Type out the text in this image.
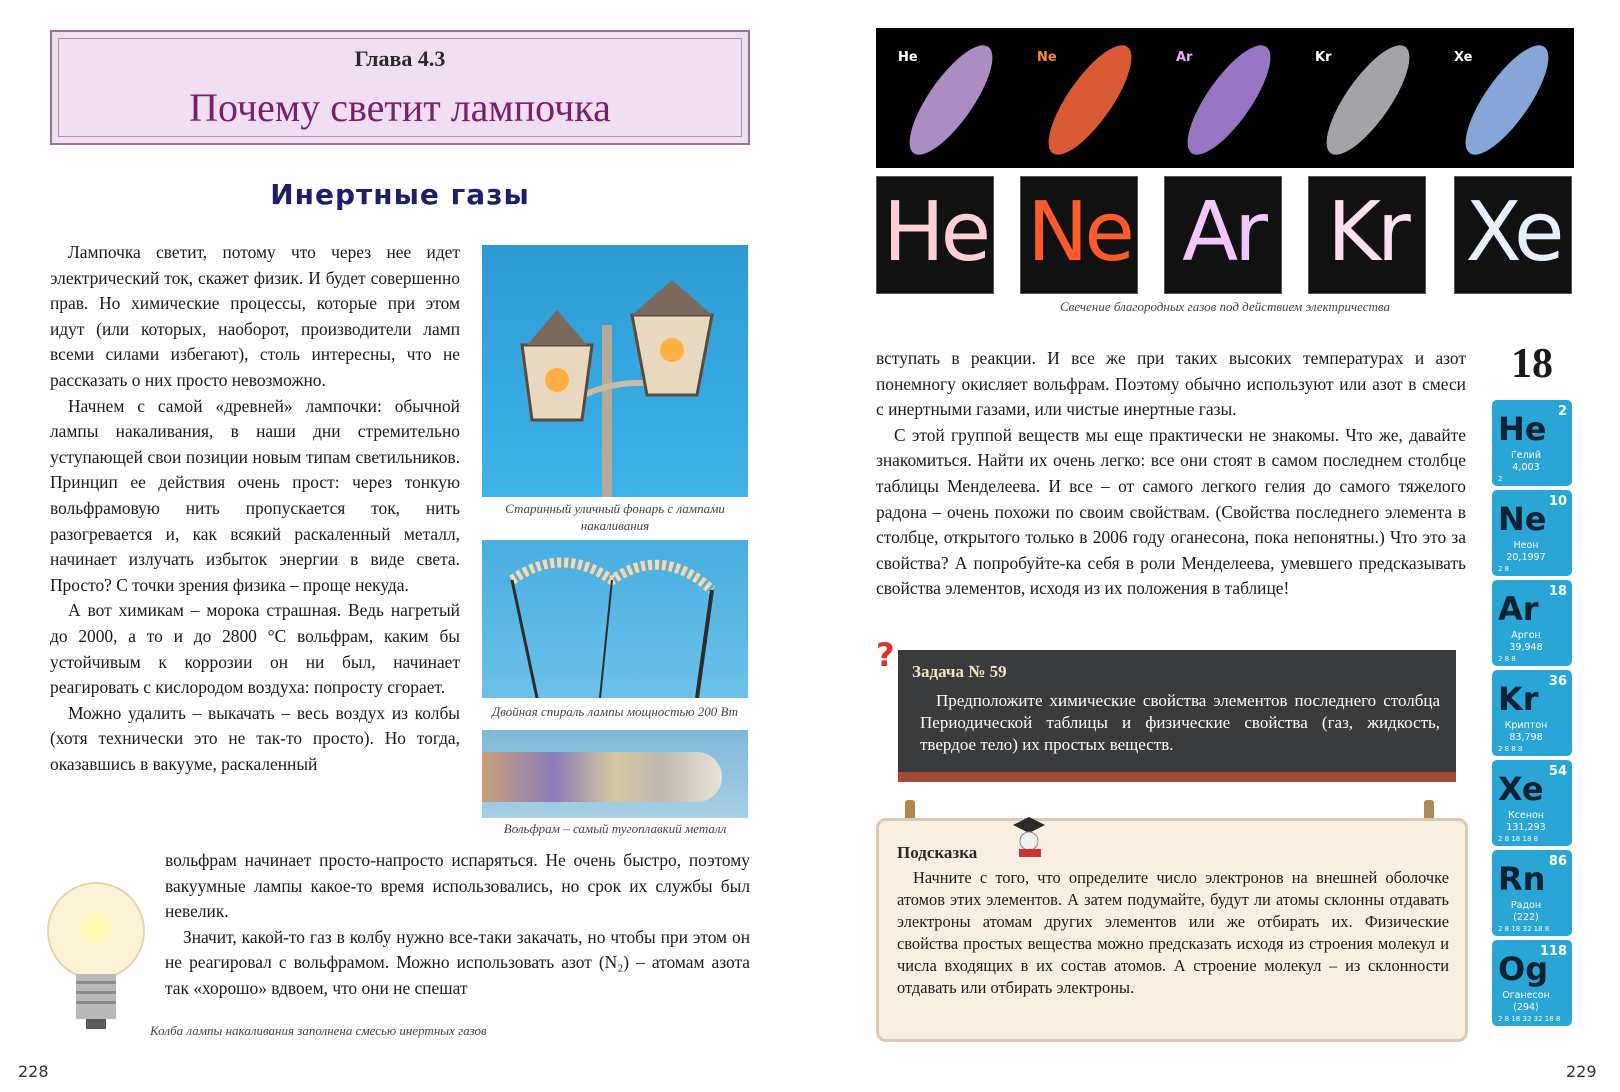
Глава 4.3
Почему светит лампочка
Инертные газы

Лампочка светит, потому что через нее идет электрический ток, скажет физик. И будет совершенно прав. Но химические процессы, которые при этом идут (или которых, наоборот, производители ламп всеми силами избегают), столь интересны, что не рассказать о них просто невозможно.

Начнем с самой «древней» лампочки: обычной лампы накаливания, в наши дни стремительно уступающей свои позиции новым типам светильников. Принцип ее действия очень прост: через тонкую вольфрамовую нить пропускается ток, нить разогревается и, как всякий раскаленный металл, начинает излучать избыток энергии в виде света. Просто? С точки зрения физика – проще некуда.

А вот химикам – морока страшная. Ведь нагретый до 2000, а то и до 2800 °С вольфрам, каким бы устойчивым к коррозии он ни был, начинает реагировать с кислородом воздуха: попросту сгорает.

Можно удалить – выкачать – весь воздух из колбы (хотя технически это не так-то просто). Но тогда, оказавшись в вакууме, раскаленный

вольфрам начинает просто-напросто испаряться. Не очень быстро, поэтому вакуумные лампы какое-то время использовались, но срок их службы был невелик.

Значит, какой-то газ в колбу нужно все-таки закачать, но чтобы при этом он не реагировал с вольфрамом. Можно использовать азот (N₂) – атомам азота так «хорошо» вдвоем, что они не спешат

Старинный уличный фонарь с лампами накаливания
Двойная спираль лампы мощностью 200 Вт
Вольфрам – самый тугоплавкий металл
Колба лампы накаливания заполнена смесью инертных газов
228
He	Ne	Ar	Kr	Xe
He Ne Ar Kr Xe
Свечение благородных газов под действием электричества

вступать в реакции. И все же при таких высоких температурах и азот понемногу окисляет вольфрам. Поэтому обычно используют или азот в смеси с инертными газами, или чистые инертные газы.

С этой группой веществ мы еще практически не знакомы. Что же, давайте знакомиться. Найти их очень легко: все они стоят в самом последнем столбце таблицы Менделеева. И все – от самого легкого гелия до самого тяжелого радона – очень похожи по своим свойствам. (Свойства последнего элемента в столбце, открытого только в 2006 году оганесона, пока непонятны.) Что это за свойства? А попробуйте-ка себя в роли Менделеева, умевшего предсказывать свойства элементов, исходя из их положения в таблице!

? Задача № 59
Предположите химические свойства элементов последнего столбца Периодической таблицы и физические свойства (газ, жидкость, твердое тело) их простых веществ.
Подсказка
Начните с того, что определите число электронов на внешней оболочке атомов этих элементов. А затем подумайте, будут ли атомы склонны отдавать электроны атомам других элементов или же отбирать их. Физические свойства простых вещества можно предсказать исходя из строения молекул и числа входящих в их состав атомов. А строение молекул – из склонности отдавать или отбирать электроны.
18
He 2
Гелий
4,003
2
Ne 10
Неон
20,1997
2 8
Ar 18
Аргон
39,948
2 8 8
Kr 36
Криптон
83,798
2 8 8 8
Xe 54
Ксенон
131,293
2 8 18 18 8
Rn 86
Радон
(222)
2 8 18 32 18 8
Og
118
Оганесон
(294)
2 8 18 32 32 18 8
229
